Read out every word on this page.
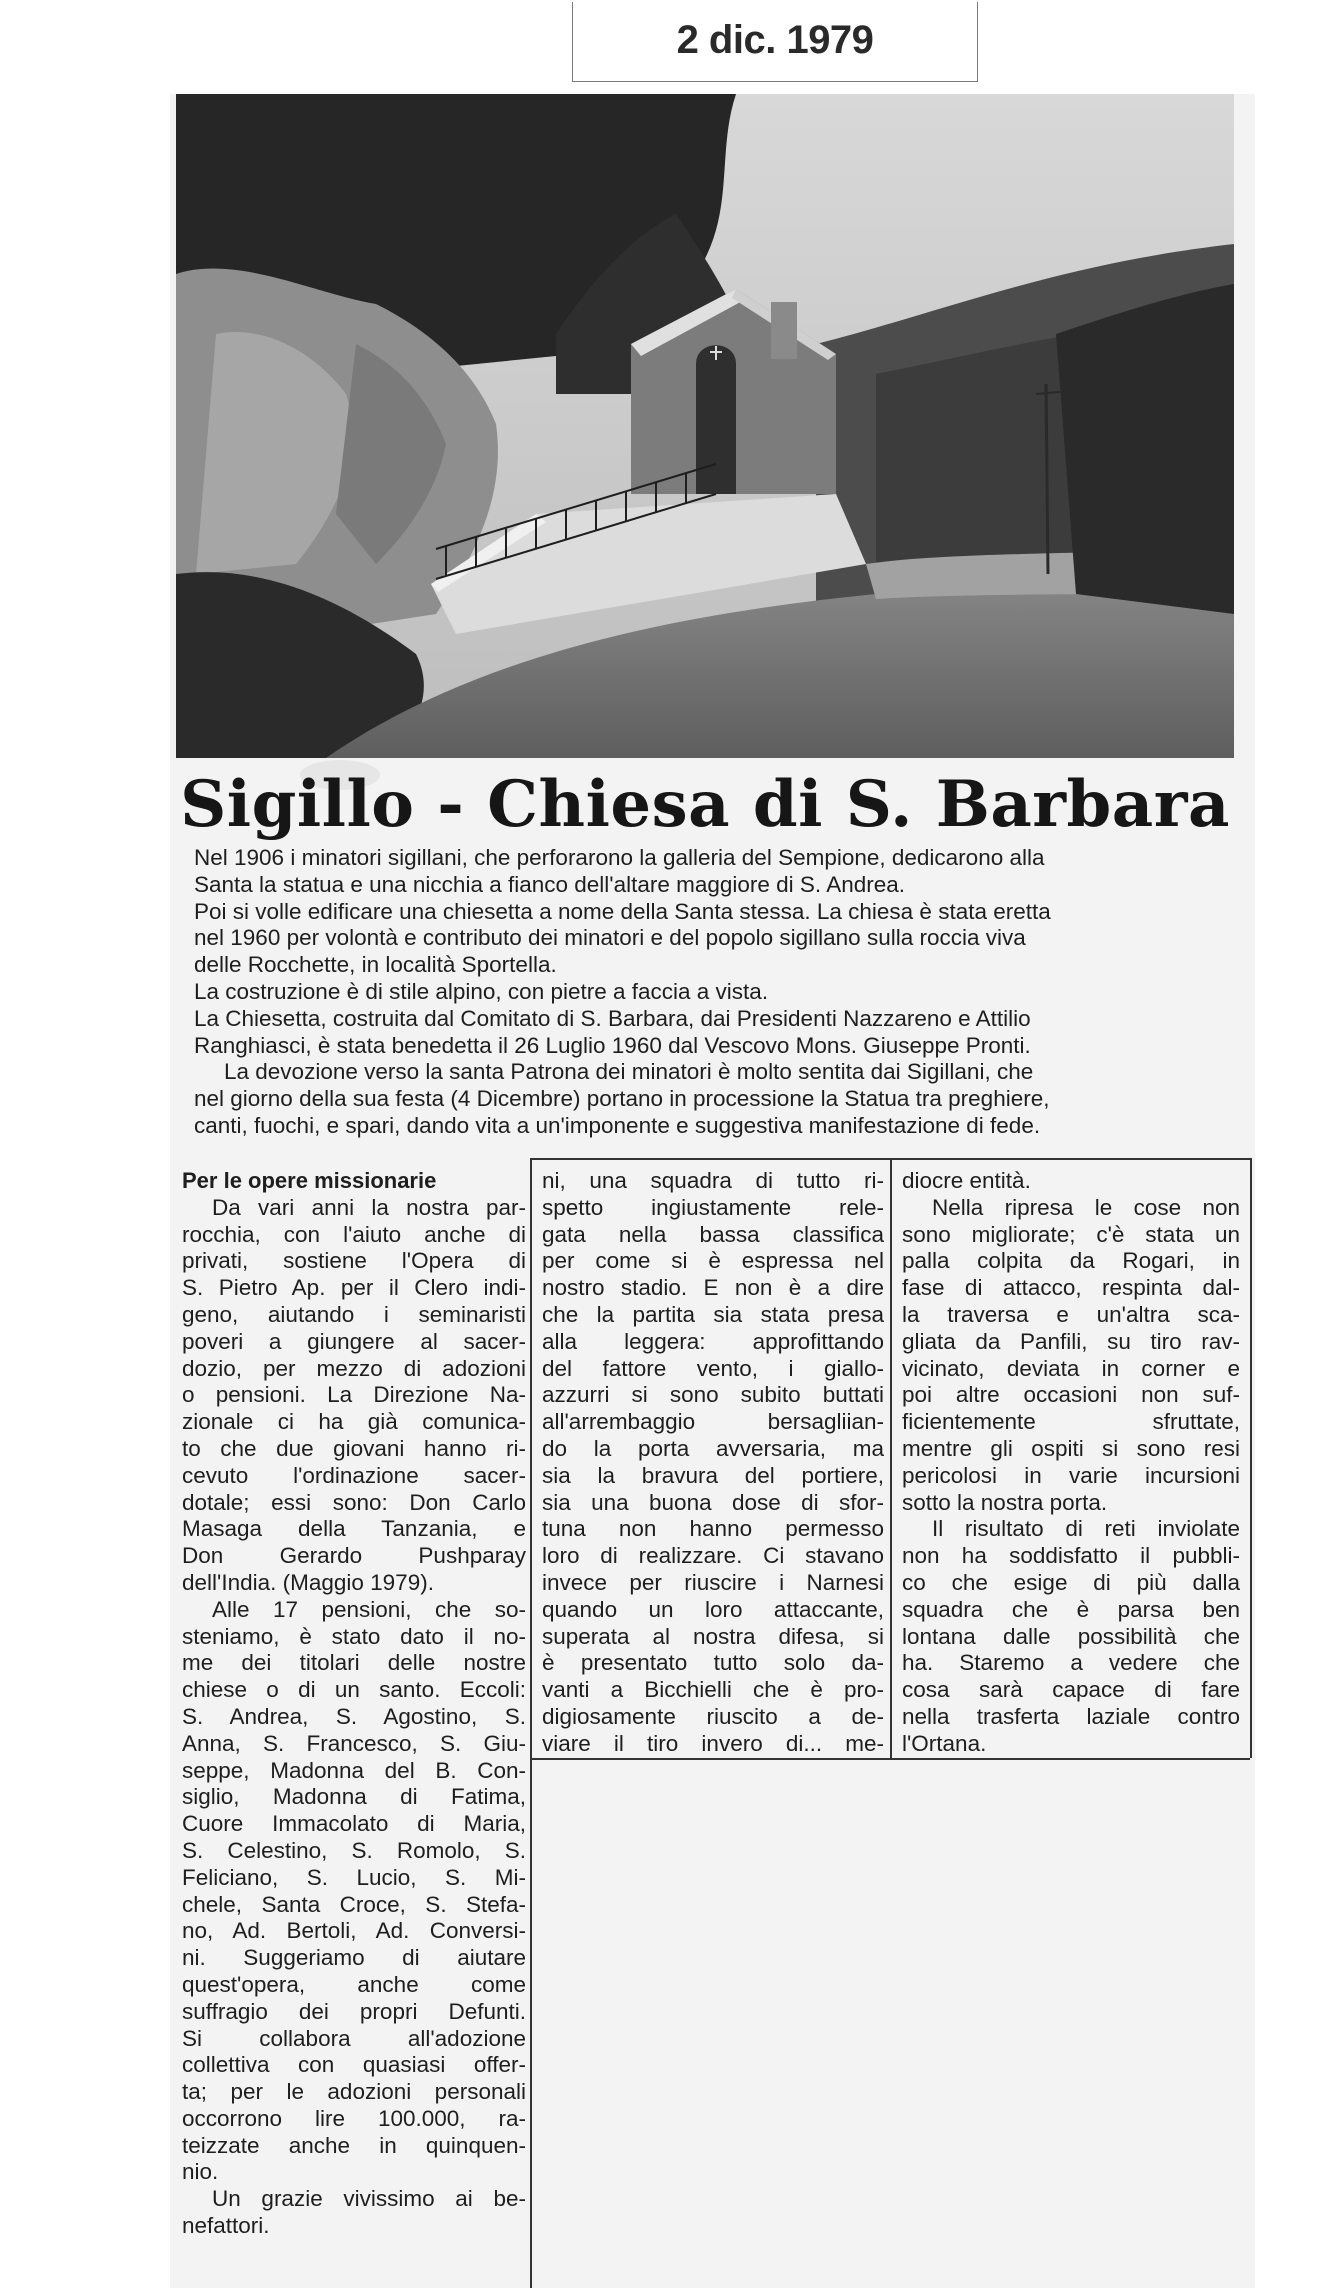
2 dic. 1979
Sigillo - Chiesa di S. Barbara
Nel 1906 i minatori sigillani, che perforarono la galleria del Sempione, dedicarono alla
Santa la statua e una nicchia a fianco dell'altare maggiore di S. Andrea.
Poi si volle edificare una chiesetta a nome della Santa stessa. La chiesa è stata eretta
nel 1960 per volontà e contributo dei minatori e del popolo sigillano sulla roccia viva
delle Rocchette, in località Sportella.
La costruzione è di stile alpino, con pietre a faccia a vista.
La Chiesetta, costruita dal Comitato di S. Barbara, dai Presidenti Nazzareno e Attilio
Ranghiasci, è stata benedetta il 26 Luglio 1960 dal Vescovo Mons. Giuseppe Pronti.
La devozione verso la santa Patrona dei minatori è molto sentita dai Sigillani, che
nel giorno della sua festa (4 Dicembre) portano in processione la Statua tra preghiere,
canti, fuochi, e spari, dando vita a un'imponente e suggestiva manifestazione di fede.

Per le opere missionarie

Da vari anni la nostra par-
rocchia, con l'aiuto anche di
privati, sostiene l'Opera di
S. Pietro Ap. per il Clero indi-
geno, aiutando i seminaristi
poveri a giungere al sacer-
dozio, per mezzo di adozioni
o pensioni. La Direzione Na-
zionale ci ha già comunica-
to che due giovani hanno ri-
cevuto l'ordinazione sacer-
dotale; essi sono: Don Carlo
Masaga della Tanzania, e
Don Gerardo Pushparay
dell'India. (Maggio 1979).
Alle 17 pensioni, che so-
steniamo, è stato dato il no-
me dei titolari delle nostre
chiese o di un santo. Eccoli:
S. Andrea, S. Agostino, S.
Anna, S. Francesco, S. Giu-
seppe, Madonna del B. Con-
siglio, Madonna di Fatima,
Cuore Immacolato di Maria,
S. Celestino, S. Romolo, S.
Feliciano, S. Lucio, S. Mi-
chele, Santa Croce, S. Stefa-
no, Ad. Bertoli, Ad. Conversi-
ni. Suggeriamo di aiutare
quest'opera, anche come
suffragio dei propri Defunti.
Si collabora all'adozione
collettiva con quasiasi offer-
ta; per le adozioni personali
occorrono lire 100.000, ra-
teizzate anche in quinquen-
nio.
Un grazie vivissimo ai be-
nefattori.
ni, una squadra di tutto ri-
spetto ingiustamente rele-
gata nella bassa classifica
per come si è espressa nel
nostro stadio. E non è a dire
che la partita sia stata presa
alla leggera: approfittando
del fattore vento, i giallo-
azzurri si sono subito buttati
all'arrembaggio bersagliian-
do la porta avversaria, ma
sia la bravura del portiere,
sia una buona dose di sfor-
tuna non hanno permesso
loro di realizzare. Ci stavano
invece per riuscire i Narnesi
quando un loro attaccante,
superata al nostra difesa, si
è presentato tutto solo da-
vanti a Bicchielli che è pro-
digiosamente riuscito a de-
viare il tiro invero di... me-
diocre entità.
Nella ripresa le cose non
sono migliorate; c'è stata un
palla colpita da Rogari, in
fase di attacco, respinta dal-
la traversa e un'altra sca-
gliata da Panfili, su tiro rav-
vicinato, deviata in corner e
poi altre occasioni non suf-
ficientemente sfruttate,
mentre gli ospiti si sono resi
pericolosi in varie incursioni
sotto la nostra porta.
Il risultato di reti inviolate
non ha soddisfatto il pubbli-
co che esige di più dalla
squadra che è parsa ben
lontana dalle possibilità che
ha. Staremo a vedere che
cosa sarà capace di fare
nella trasferta laziale contro
l'Ortana.
